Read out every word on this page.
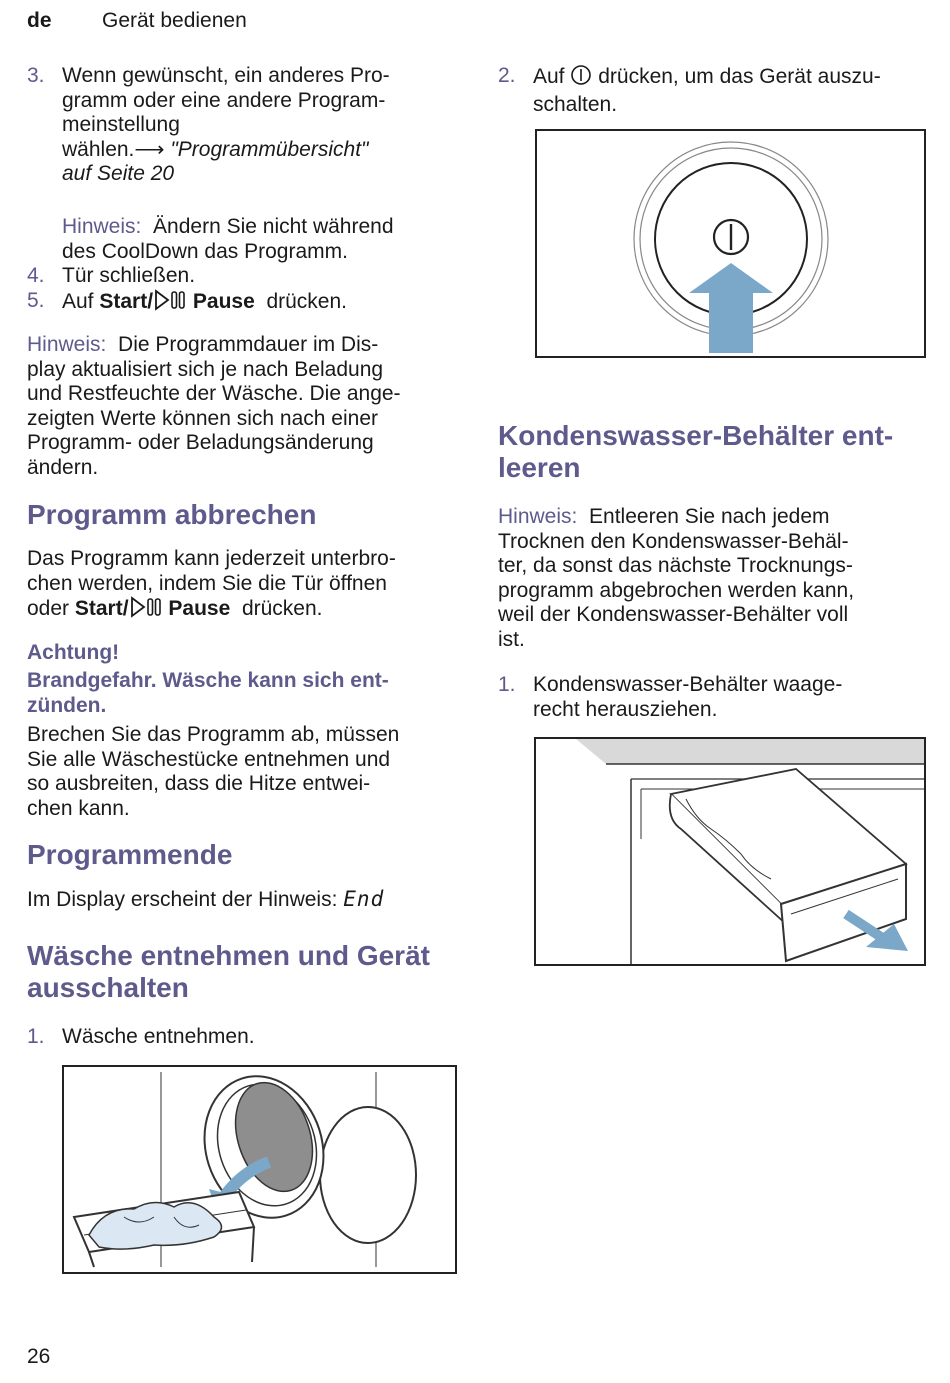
de Gerät bedienen
3. Wenn gewünscht, ein anderes Pro-
gramm oder eine andere Program-
meinstellung
wählen.⟶ "Programmübersicht"
auf Seite 20
Hinweis: Ändern Sie nicht während
des CoolDown das Programm.
4. Tür schließen.
5. Auf Start/ Pause drücken.
Hinweis: Die Programmdauer im Dis-
play aktualisiert sich je nach Beladung
und Restfeuchte der Wäsche. Die ange-
zeigten Werte können sich nach einer
Programm- oder Beladungsänderung
ändern.
Programm abbrechen
Das Programm kann jederzeit unterbro-
chen werden, indem Sie die Tür öffnen
oder Start/ Pause drücken.
Achtung!
Brandgefahr. Wäsche kann sich ent-
zünden.
Brechen Sie das Programm ab, müssen
Sie alle Wäschestücke entnehmen und
so ausbreiten, dass die Hitze entwei-
chen kann.
Programmende
Im Display erscheint der Hinweis: End
Wäsche entnehmen und Gerät
ausschalten
1. Wäsche entnehmen.
2. Auf drücken, um das Gerät auszu-
schalten.
Kondenswasser-Behälter ent-
leeren
Hinweis: Entleeren Sie nach jedem
Trocknen den Kondenswasser-Behäl-
ter, da sonst das nächste Trocknungs-
programm abgebrochen werden kann,
weil der Kondenswasser-Behälter voll
ist.
1. Kondenswasser-Behälter waage-
recht herausziehen.
26
